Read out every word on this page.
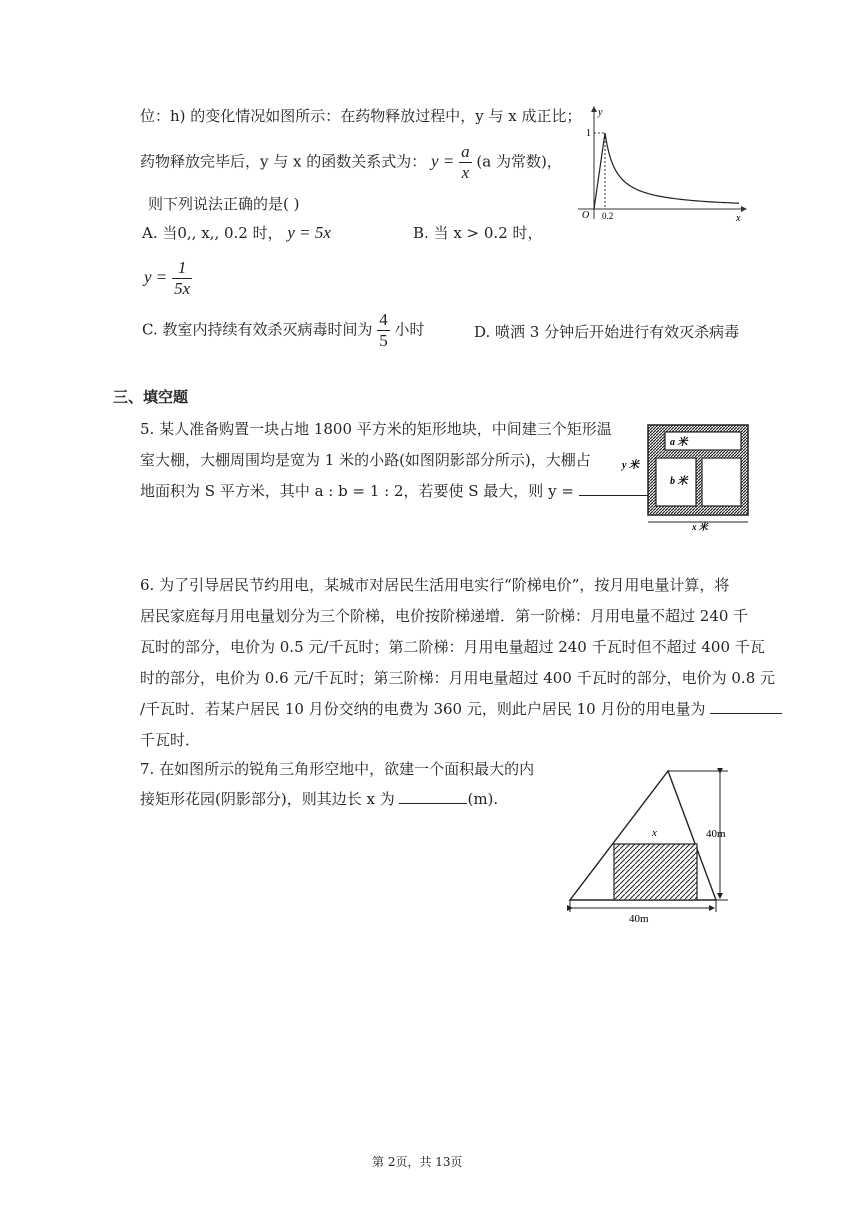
位：h) 的变化情况如图所示：在药物释放过程中，y 与 x 成正比；
药物释放完毕后，y 与 x 的函数关系式为： $y = \frac{a}{x} (a$ 为常数)，
则下列说法正确的是( )
A. 当0,, x,, 0.2 时， y = 5x	B. 当 x > 0.2 时，
$y = \frac{1}{5x}$
C. 教室内持续有效杀灭病毒时间为 $\frac{4}{5}$ 小时	D. 喷洒 3 分钟后开始进行有效灭杀病毒
y
x
O
1
0.2
三、填空题
5. 某人准备购置一块占地 1800 平方米的矩形地块，中间建三个矩形温
室大棚，大棚周围均是宽为 1 米的小路(如图阴影部分所示)，大棚占
地面积为 S 平方米，其中 a : b = 1 : 2，若要使 S 最大，则 y =
a 米
b 米
y 米
x 米
6. 为了引导居民节约用电，某城市对居民生活用电实行“阶梯电价”，按月用电量计算，将
居民家庭每月用电量划分为三个阶梯，电价按阶梯递增．第一阶梯：月用电量不超过 240 千
瓦时的部分，电价为 0.5 元/千瓦时；第二阶梯：月用电量超过 240 千瓦时但不超过 400 千瓦
时的部分，电价为 0.6 元/千瓦时；第三阶梯：月用电量超过 400 千瓦时的部分，电价为 0.8 元
/千瓦时．若某户居民 10 月份交纳的电费为 360 元，则此户居民 10 月份的用电量为
千瓦时．
7. 在如图所示的锐角三角形空地中，欲建一个面积最大的内
接矩形花园(阴影部分)，则其边长 x 为	(m).
x	40m
40m
第 2页，共 13页
